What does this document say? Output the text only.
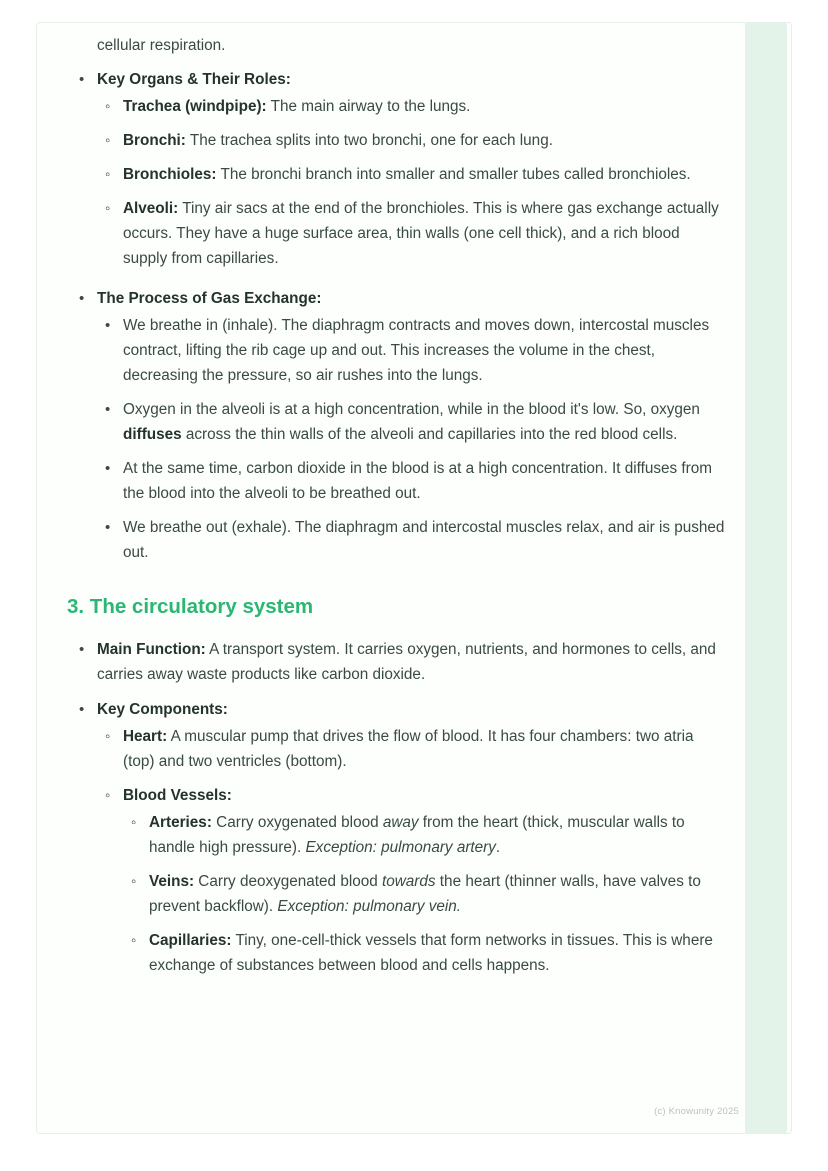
cellular respiration.

• Key Organs & Their Roles:
◦ Trachea (windpipe): The main airway to the lungs.
◦ Bronchi: The trachea splits into two bronchi, one for each lung.
◦ Bronchioles: The bronchi branch into smaller and smaller tubes called bronchioles.
◦ Alveoli: Tiny air sacs at the end of the bronchioles. This is where gas exchange actually occurs. They have a huge surface area, thin walls (one cell thick), and a rich blood supply from capillaries.
• The Process of Gas Exchange:
• We breathe in (inhale). The diaphragm contracts and moves down, intercostal muscles contract, lifting the rib cage up and out. This increases the volume in the chest, decreasing the pressure, so air rushes into the lungs.
• Oxygen in the alveoli is at a high concentration, while in the blood it's low. So, oxygen diffuses across the thin walls of the alveoli and capillaries into the red blood cells.
• At the same time, carbon dioxide in the blood is at a high concentration. It diffuses from the blood into the alveoli to be breathed out.
• We breathe out (exhale). The diaphragm and intercostal muscles relax, and air is pushed out.
3. The circulatory system
• Main Function: A transport system. It carries oxygen, nutrients, and hormones to cells, and carries away waste products like carbon dioxide.
• Key Components:
◦ Heart: A muscular pump that drives the flow of blood. It has four chambers: two atria (top) and two ventricles (bottom).
◦ Blood Vessels:
◦ Arteries: Carry oxygenated blood away from the heart (thick, muscular walls to handle high pressure). Exception: pulmonary artery.
◦ Veins: Carry deoxygenated blood towards the heart (thinner walls, have valves to prevent backflow). Exception: pulmonary vein.
◦ Capillaries: Tiny, one-cell-thick vessels that form networks in tissues. This is where exchange of substances between blood and cells happens.
(c) Knowunity 2025
